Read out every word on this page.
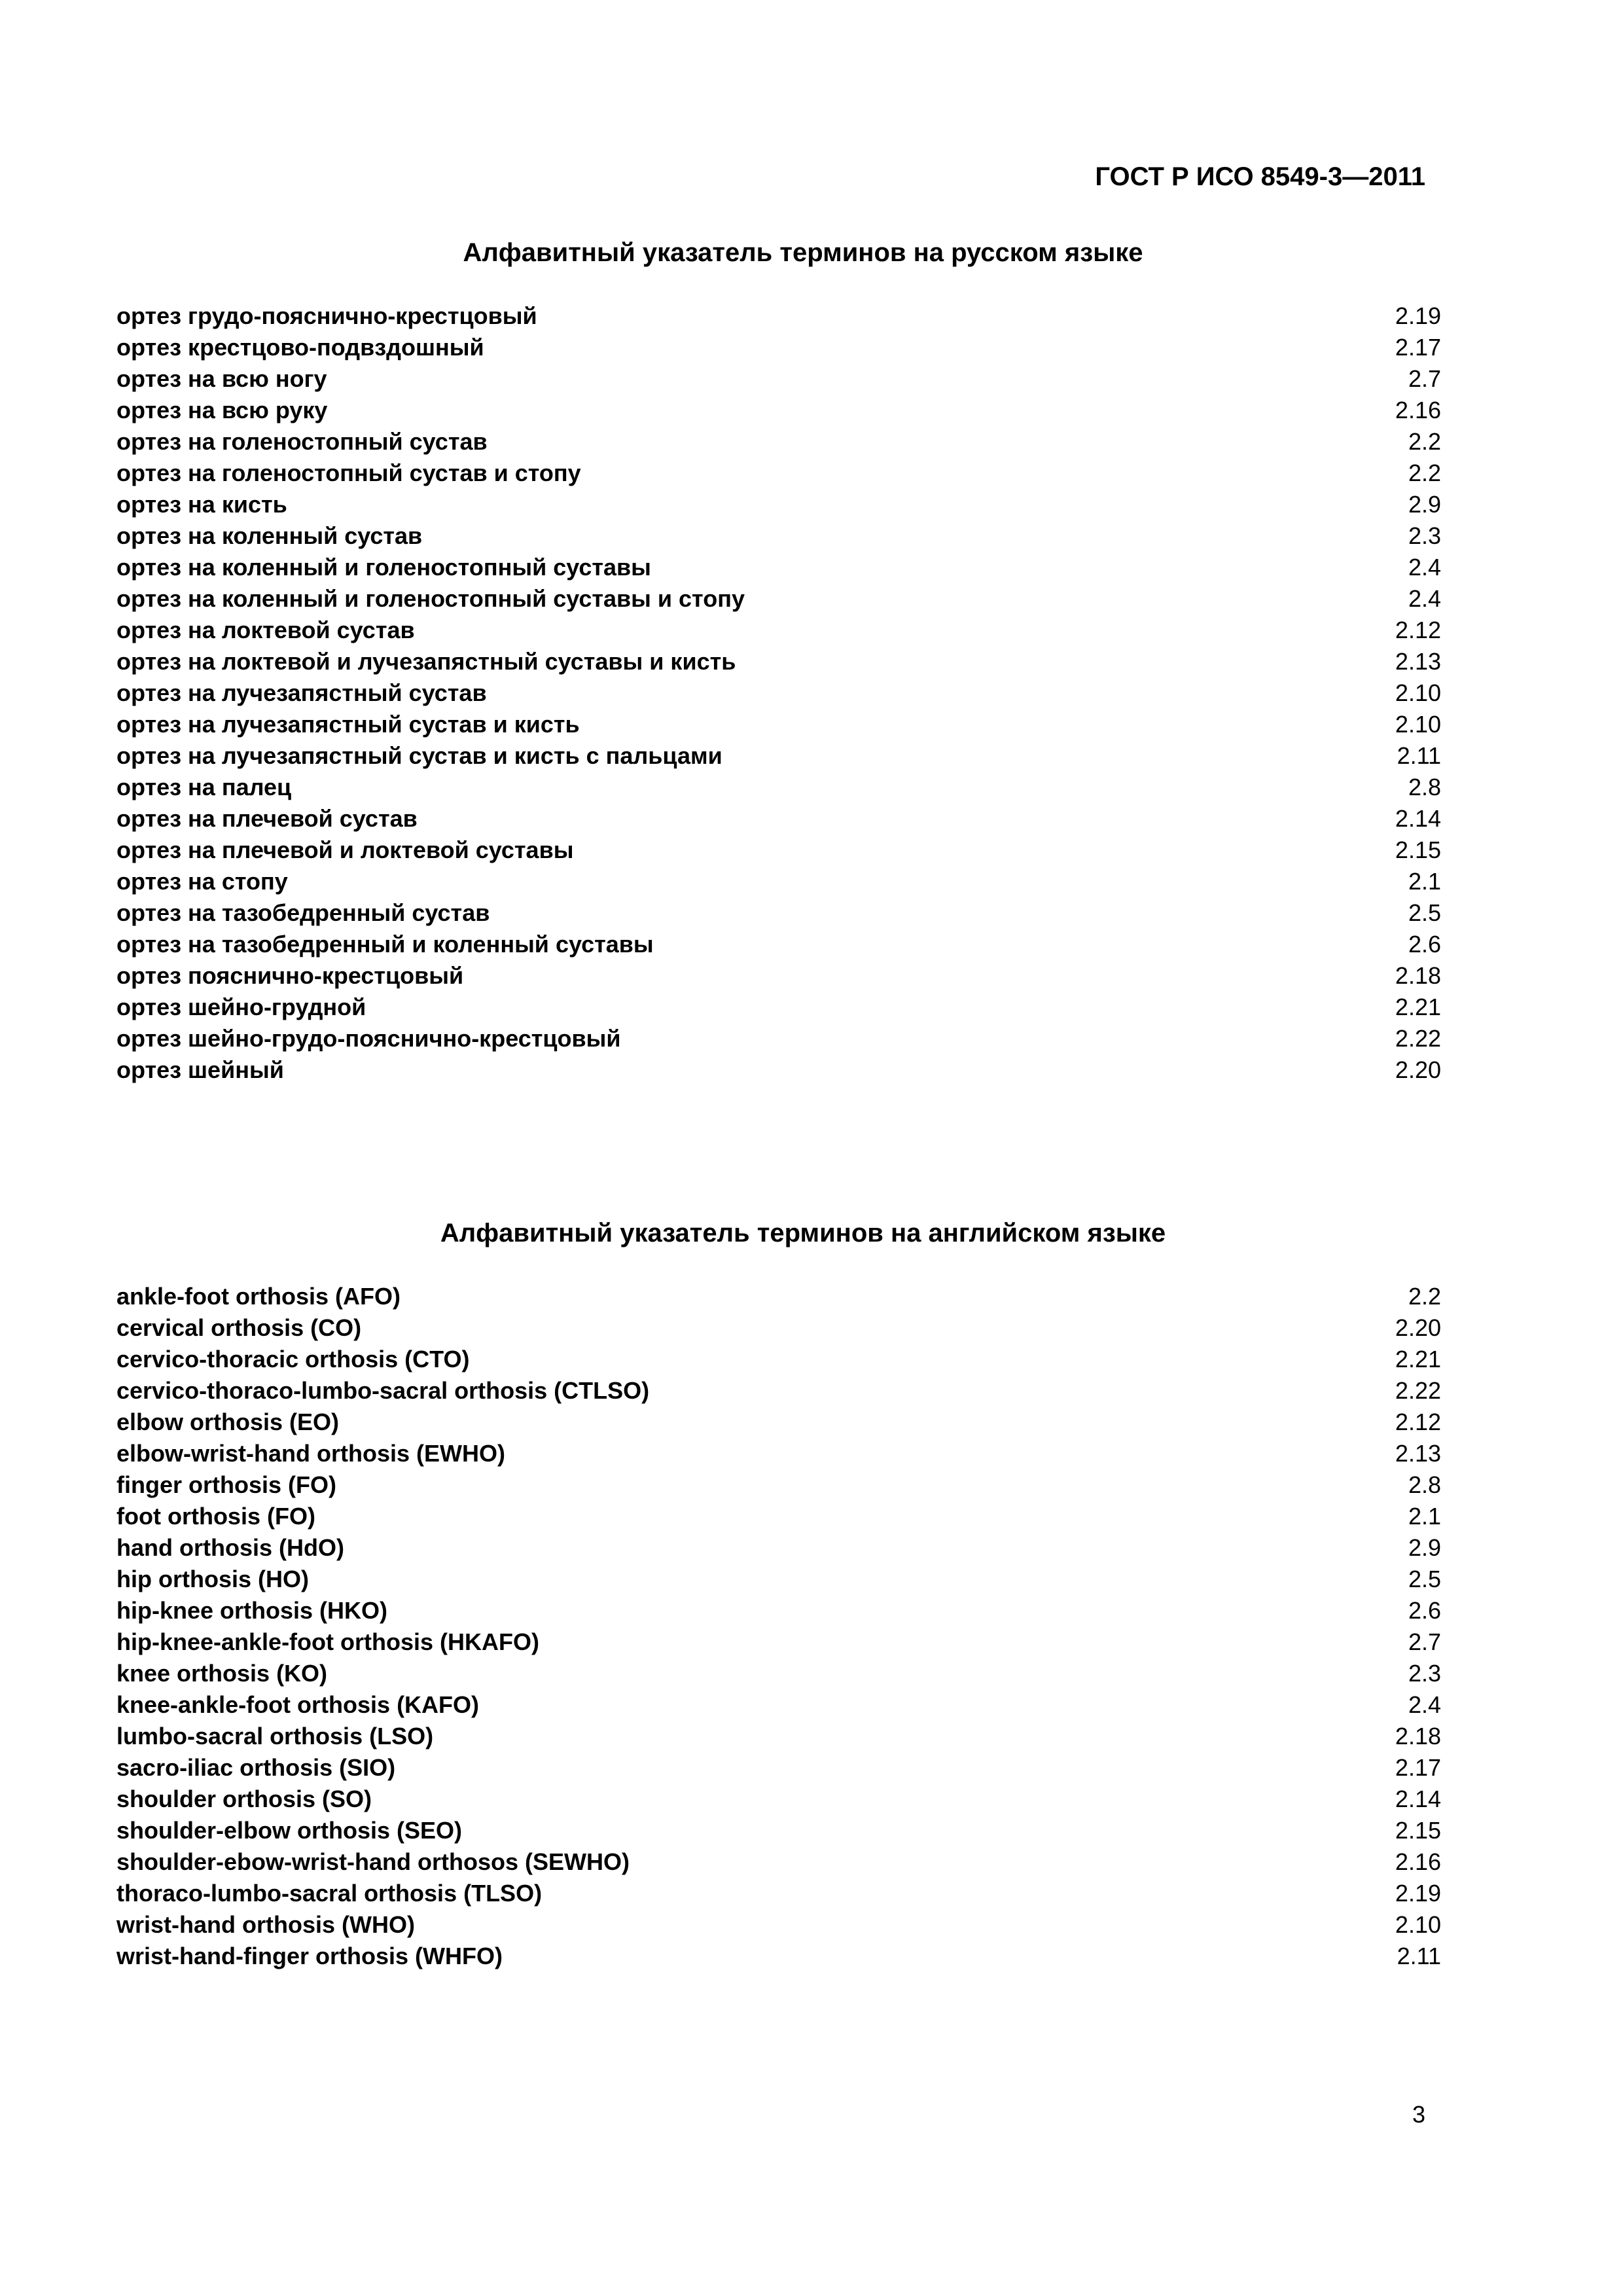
ГОСТ Р ИСО 8549-3—2011
Алфавитный указатель терминов на русском языке
ортез грудо-пояснично-крестцовый	2.19
ортез крестцово-подвздошный	2.17
ортез на всю ногу	2.7
ортез на всю руку	2.16
ортез на голеностопный сустав	2.2
ортез на голеностопный сустав и стопу	2.2
ортез на кисть	2.9
ортез на коленный сустав	2.3
ортез на коленный и голеностопный суставы	2.4
ортез на коленный и голеностопный суставы и стопу	2.4
ортез на локтевой сустав	2.12
ортез на локтевой и лучезапястный суставы и кисть	2.13
ортез на лучезапястный сустав	2.10
ортез на лучезапястный сустав и кисть	2.10
ортез на лучезапястный сустав и кисть с пальцами	2.11
ортез на палец	2.8
ортез на плечевой сустав	2.14
ортез на плечевой и локтевой суставы	2.15
ортез на стопу	2.1
ортез на тазобедренный сустав	2.5
ортез на тазобедренный и коленный суставы	2.6
ортез пояснично-крестцовый	2.18
ортез шейно-грудной	2.21
ортез шейно-грудо-пояснично-крестцовый	2.22
ортез шейный	2.20
Алфавитный указатель терминов на английском языке
ankle-foot orthosis (AFO)	2.2
cervical orthosis (CO)	2.20
cervico-thoracic orthosis (CTO)	2.21
cervico-thoraco-lumbo-sacral orthosis (CTLSO)	2.22
elbow orthosis (EO)	2.12
elbow-wrist-hand orthosis (EWHO)	2.13
finger orthosis (FO)	2.8
foot orthosis (FO)	2.1
hand orthosis (HdO)	2.9
hip orthosis (HO)	2.5
hip-knee orthosis (HKO)	2.6
hip-knee-ankle-foot orthosis (HKAFO)	2.7
knee orthosis (KO)	2.3
knee-ankle-foot orthosis (KAFO)	2.4
lumbo-sacral orthosis (LSO)	2.18
sacro-iliac orthosis (SIO)	2.17
shoulder orthosis (SO)	2.14
shoulder-elbow orthosis (SEO)	2.15
shoulder-ebow-wrist-hand orthosos (SEWHO)	2.16
thoraco-lumbo-sacral orthosis (TLSO)	2.19
wrist-hand orthosis (WHO)	2.10
wrist-hand-finger orthosis (WHFO)	2.11
3
